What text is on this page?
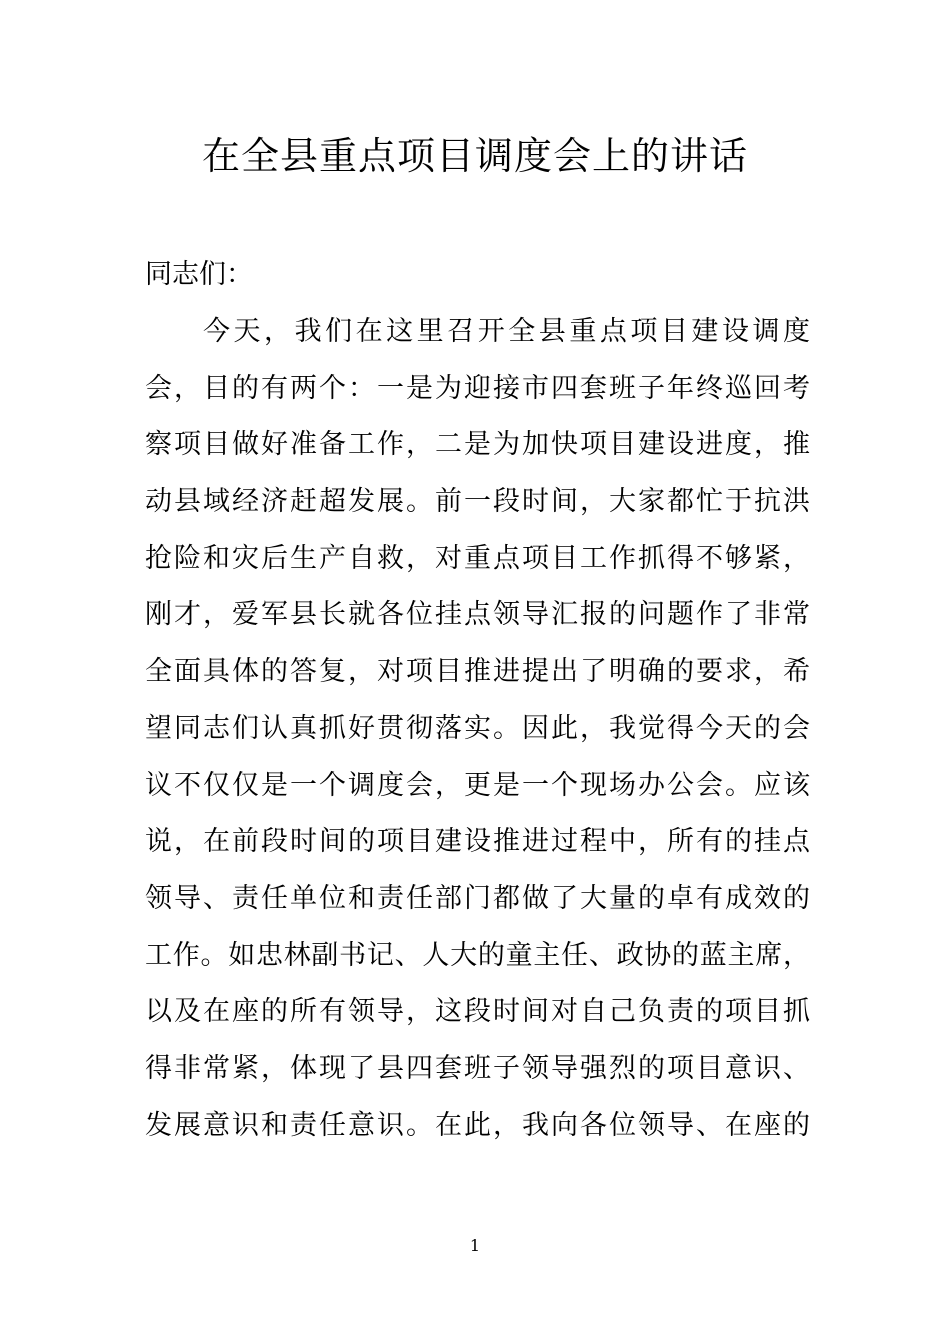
在全县重点项目调度会上的讲话

同志们：

今天，我们在这里召开全县重点项目建设调度
会，目的有两个：一是为迎接市四套班子年终巡回考
察项目做好准备工作，二是为加快项目建设进度，推
动县域经济赶超发展。前一段时间，大家都忙于抗洪
抢险和灾后生产自救，对重点项目工作抓得不够紧，
刚才，爱军县长就各位挂点领导汇报的问题作了非常
全面具体的答复，对项目推进提出了明确的要求，希
望同志们认真抓好贯彻落实。因此，我觉得今天的会
议不仅仅是一个调度会，更是一个现场办公会。应该
说，在前段时间的项目建设推进过程中，所有的挂点
领导、责任单位和责任部门都做了大量的卓有成效的
工作。如忠林副书记、人大的童主任、政协的蓝主席，
以及在座的所有领导，这段时间对自己负责的项目抓
得非常紧，体现了县四套班子领导强烈的项目意识、
发展意识和责任意识。在此，我向各位领导、在座的
1
